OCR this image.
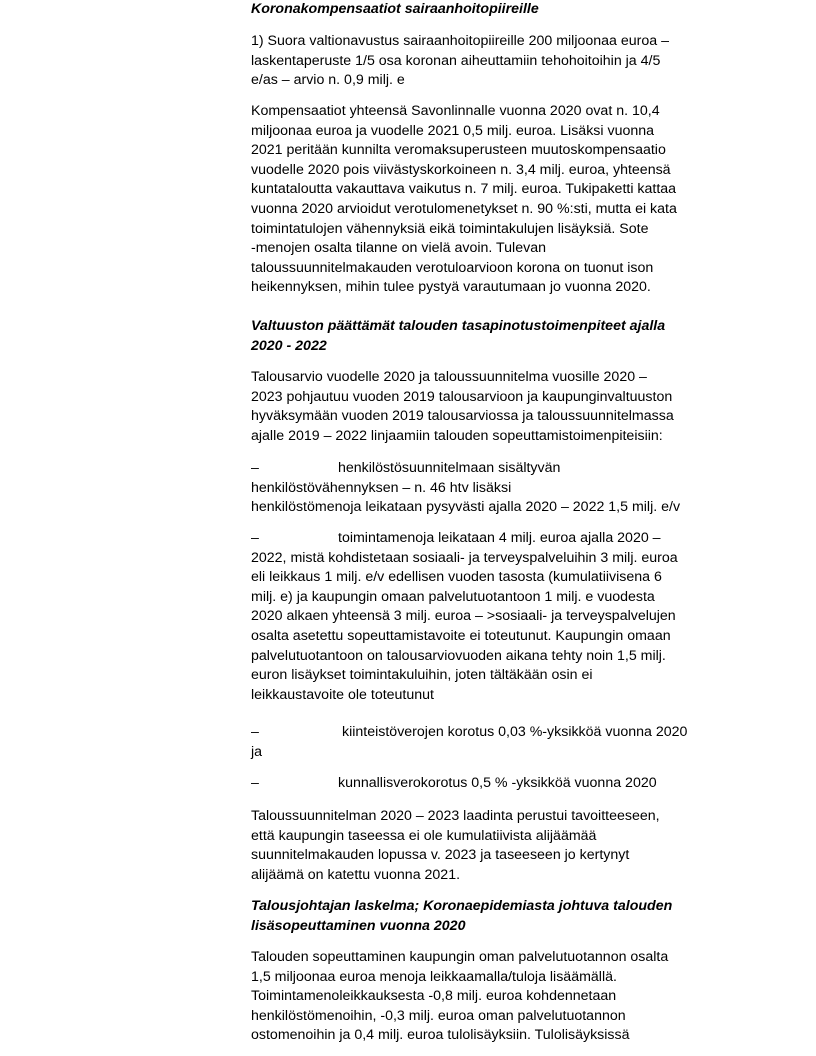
Koronakompensaatiot sairaanhoitopiireille

1) Suora valtionavustus sairaanhoitopiireille 200 miljoonaa euroa –
laskentaperuste 1/5 osa koronan aiheuttamiin tehohoitoihin ja 4/5
e/as – arvio n. 0,9 milj. e

Kompensaatiot yhteensä Savonlinnalle vuonna 2020 ovat n. 10,4
miljoonaa euroa ja vuodelle 2021 0,5 milj. euroa. Lisäksi vuonna
2021 peritään kunnilta veromaksuperusteen muutoskompensaatio
vuodelle 2020 pois viivästyskorkoineen n. 3,4 milj. euroa, yhteensä
kuntataloutta vakauttava vaikutus n. 7 milj. euroa. Tukipaketti kattaa
vuonna 2020 arvioidut verotulomenetykset n. 90 %:sti, mutta ei kata
toimintatulojen vähennyksiä eikä toimintakulujen lisäyksiä. Sote
-menojen osalta tilanne on vielä avoin. Tulevan
taloussuunnitelmakauden verotuloarvioon korona on tuonut ison
heikennyksen, mihin tulee pystyä varautumaan jo vuonna 2020.

Valtuuston päättämät talouden tasapinotustoimenpiteet ajalla
2020 - 2022

Talousarvio vuodelle 2020 ja taloussuunnitelma vuosille 2020 –
2023 pohjautuu vuoden 2019 talousarvioon ja kaupunginvaltuuston
hyväksymään vuoden 2019 talousarviossa ja taloussuunnitelmassa
ajalle 2019 – 2022 linjaamiin talouden sopeuttamistoimenpiteisiin:

–	henkilöstösuunnitelmaan sisältyvän
henkilöstövähennyksen – n. 46 htv lisäksi
henkilöstömenoja leikataan pysyvästi ajalla 2020 – 2022 1,5 milj. e/v
–	toimintamenoja leikataan 4 milj. euroa ajalla 2020 –
2022, mistä kohdistetaan sosiaali- ja terveyspalveluihin 3 milj. euroa
eli leikkaus 1 milj. e/v edellisen vuoden tasosta (kumulatiivisena 6
milj. e) ja kaupungin omaan palvelutuotantoon 1 milj. e vuodesta
2020 alkaen yhteensä 3 milj. euroa – >sosiaali- ja terveyspalvelujen
osalta asetettu sopeuttamistavoite ei toteutunut. Kaupungin omaan
palvelutuotantoon on talousarviovuoden aikana tehty noin 1,5 milj.
euron lisäykset toimintakuluihin, joten tältäkään osin ei
leikkaustavoite ole toteutunut
–	kiinteistöverojen korotus 0,03 %-yksikköä vuonna 2020
ja
–	kunnallisverokorotus 0,5 % -yksikköä vuonna 2020

Taloussuunnitelman 2020 – 2023 laadinta perustui tavoitteeseen,
että kaupungin taseessa ei ole kumulatiivista alijäämää
suunnitelmakauden lopussa v. 2023 ja taseeseen jo kertynyt
alijäämä on katettu vuonna 2021.

Talousjohtajan laskelma; Koronaepidemiasta johtuva talouden
lisäsopeuttaminen vuonna 2020

Talouden sopeuttaminen kaupungin oman palvelutuotannon osalta
1,5 miljoonaa euroa menoja leikkaamalla/tuloja lisäämällä.
Toimintamenoleikkauksesta -0,8 milj. euroa kohdennetaan
henkilöstömenoihin, -0,3 milj. euroa oman palvelutuotannon
ostomenoihin ja 0,4 milj. euroa tulolisäyksiin. Tulolisäyksissä
